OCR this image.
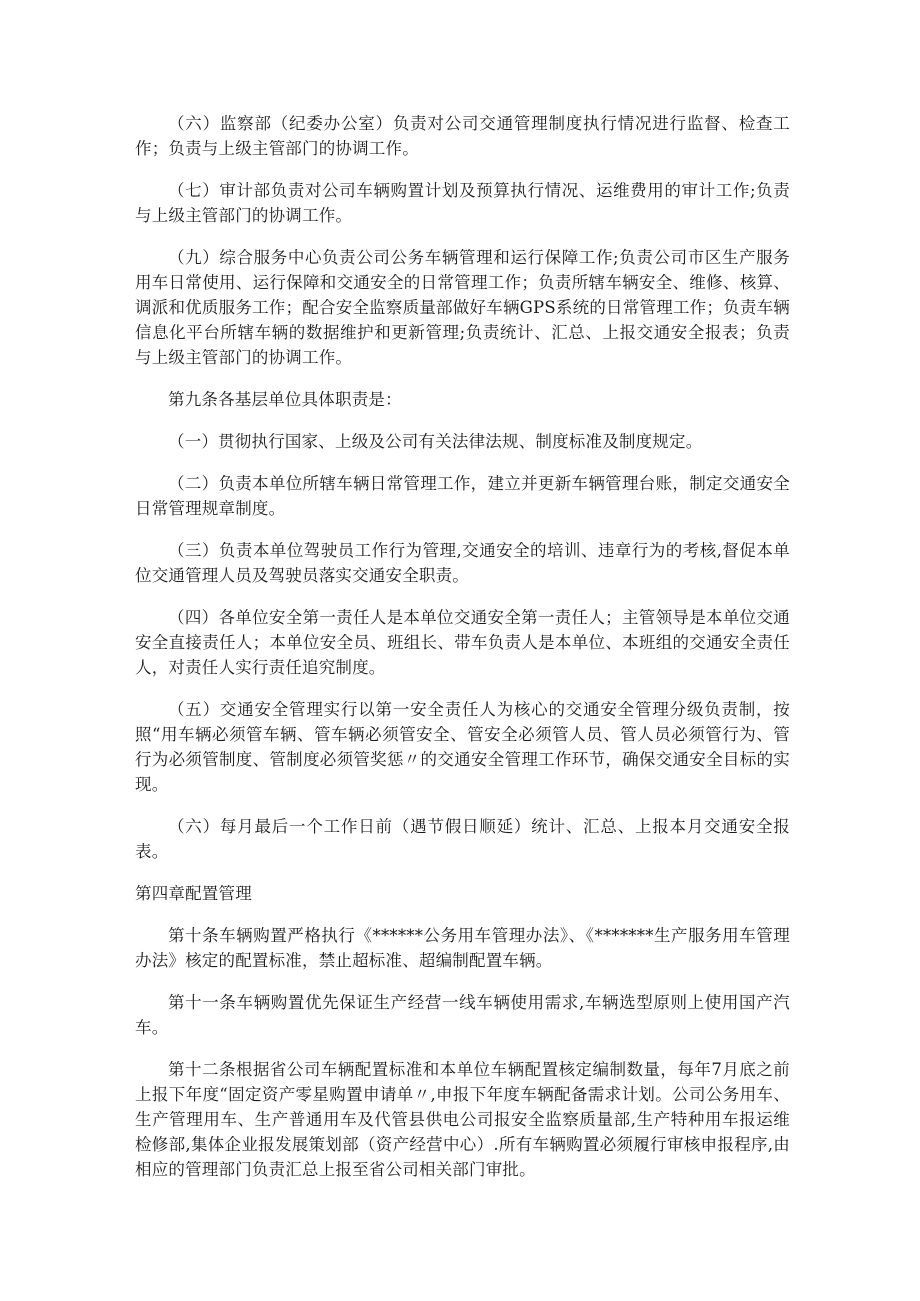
（六）监察部（纪委办公室）负责对公司交通管理制度执行情况进行监督、检查工作；负责与上级主管部门的协调工作。

（七）审计部负责对公司车辆购置计划及预算执行情况、运维费用的审计工作;负责与上级主管部门的协调工作。

（九）综合服务中心负责公司公务车辆管理和运行保障工作;负责公司市区生产服务用车日常使用、运行保障和交通安全的日常管理工作；负责所辖车辆安全、维修、核算、调派和优质服务工作；配合安全监察质量部做好车辆GPS系统的日常管理工作；负责车辆信息化平台所辖车辆的数据维护和更新管理;负责统计、汇总、上报交通安全报表；负责与上级主管部门的协调工作。

第九条各基层单位具体职责是：

（一）贯彻执行国家、上级及公司有关法律法规、制度标准及制度规定。

（二）负责本单位所辖车辆日常管理工作，建立并更新车辆管理台账，制定交通安全日常管理规章制度。

（三）负责本单位驾驶员工作行为管理,交通安全的培训、违章行为的考核,督促本单位交通管理人员及驾驶员落实交通安全职责。

（四）各单位安全第一责任人是本单位交通安全第一责任人；主管领导是本单位交通安全直接责任人；本单位安全员、班组长、带车负责人是本单位、本班组的交通安全责任人，对责任人实行责任追究制度。

（五）交通安全管理实行以第一安全责任人为核心的交通安全管理分级负责制，按照“用车辆必须管车辆、管车辆必须管安全、管安全必须管人员、管人员必须管行为、管行为必须管制度、管制度必须管奖惩〃的交通安全管理工作环节，确保交通安全目标的实现。

（六）每月最后一个工作日前（遇节假日顺延）统计、汇总、上报本月交通安全报表。

第四章配置管理

第十条车辆购置严格执行《******公务用车管理办法》、《*******生产服务用车管理办法》核定的配置标准，禁止超标准、超编制配置车辆。

第十一条车辆购置优先保证生产经营一线车辆使用需求,车辆选型原则上使用国产汽车。

第十二条根据省公司车辆配置标准和本单位车辆配置核定编制数量，每年7月底之前上报下年度“固定资产零星购置申请单〃,申报下年度车辆配备需求计划。公司公务用车、生产管理用车、生产普通用车及代管县供电公司报安全监察质量部,生产特种用车报运维检修部,集体企业报发展策划部（资产经营中心）.所有车辆购置必须履行审核申报程序,由相应的管理部门负责汇总上报至省公司相关部门审批。
